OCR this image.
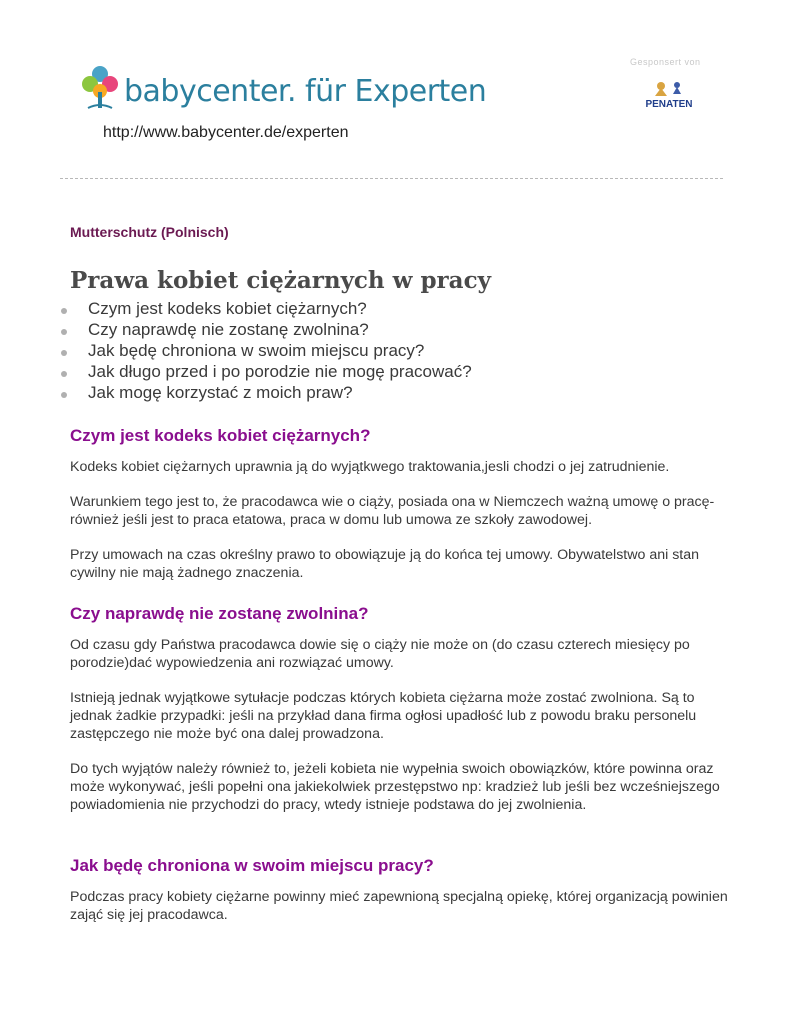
babycenter. für Experten
http://www.babycenter.de/experten
Gesponsert von
PENATEN
Mutterschutz (Polnisch)
Prawa kobiet ciężarnych w pracy
Czym jest kodeks kobiet ciężarnych?
Czy naprawdę nie zostanę zwolnina?
Jak będę chroniona w swoim miejscu pracy?
Jak długo przed i po porodzie nie mogę pracować?
Jak mogę korzystać z moich praw?
Czym jest kodeks kobiet ciężarnych?

Kodeks kobiet ciężarnych uprawnia ją do wyjątkwego traktowania,jesli chodzi o jej zatrudnienie.

Warunkiem tego jest to, że pracodawca wie o ciąży, posiada ona w Niemczech ważną umowę o pracę-również jeśli jest to praca etatowa, praca w domu lub umowa ze szkoły zawodowej.

Przy umowach na czas określny prawo to obowiązuje ją do końca tej umowy. Obywatelstwo ani stan cywilny nie mają żadnego znaczenia.

Czy naprawdę nie zostanę zwolnina?

Od czasu gdy Państwa pracodawca dowie się o ciąży nie może on (do czasu czterech miesięcy po porodzie)dać wypowiedzenia ani rozwiązać umowy.

Istnieją jednak wyjątkowe sytułacje podczas których kobieta ciężarna może zostać zwolniona. Są to jednak żadkie przypadki: jeśli na przykład dana firma ogłosi upadłość lub z powodu braku personelu zastępczego nie może być ona dalej prowadzona.

Do tych wyjątów należy również to, jeżeli kobieta nie wypełnia swoich obowiązków, które powinna oraz może wykonywać, jeśli popełni ona jakiekolwiek przestępstwo np: kradzież lub jeśli bez wcześniejszego powiadomienia nie przychodzi do pracy, wtedy istnieje podstawa do jej zwolnienia.

Jak będę chroniona w swoim miejscu pracy?

Podczas pracy kobiety ciężarne powinny mieć zapewnioną specjalną opiekę, której organizacją powinien zająć się jej pracodawca.
